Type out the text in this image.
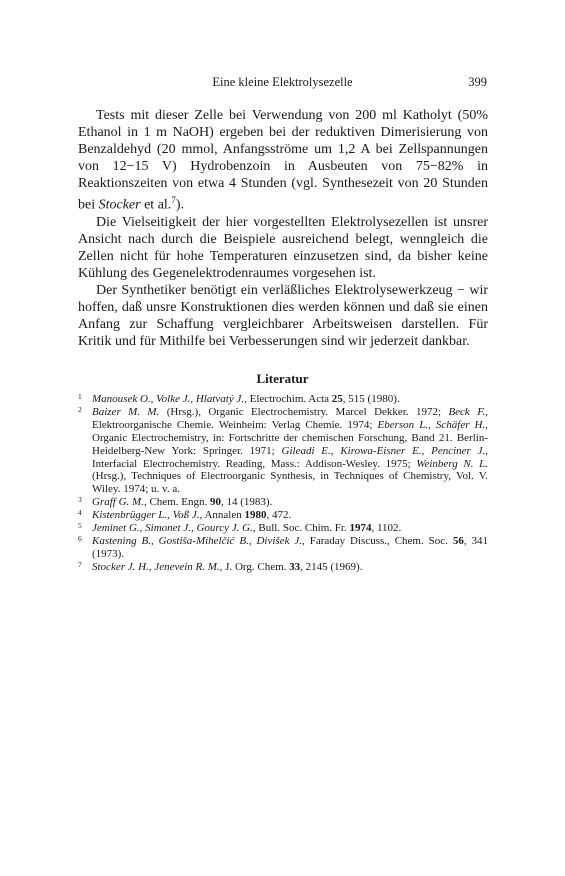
Eine kleine Elektrolysezelle	399

Tests mit dieser Zelle bei Verwendung von 200 ml Katholyt (50% Ethanol in 1 m NaOH) ergeben bei der reduktiven Dimerisierung von Benzaldehyd (20 mmol, Anfangsströme um 1,2 A bei Zellspannungen von 12−15 V) Hydrobenzoin in Ausbeuten von 75−82% in Reaktionszeiten von etwa 4 Stunden (vgl. Synthesezeit von 20 Stunden bei Stocker et al.$^7$).

Die Vielseitigkeit der hier vorgestellten Elektrolysezellen ist unsrer Ansicht nach durch die Beispiele ausreichend belegt, wenngleich die Zellen nicht für hohe Temperaturen einzusetzen sind, da bisher keine Kühlung des Gegenelektrodenraumes vorgesehen ist.

Der Synthetiker benötigt ein verläßliches Elektrolysewerkzeug − wir hoffen, daß unsre Konstruktionen dies werden können und daß sie einen Anfang zur Schaffung vergleichbarer Arbeitsweisen darstellen. Für Kritik und für Mithilfe bei Verbesserungen sind wir jederzeit dankbar.

Literatur
1 Manousek O., Volke J., Hlatvatý J., Electrochim. Acta 25, 515 (1980).
2 Baizer M. M. (Hrsg.), Organic Electrochemistry. Marcel Dekker. 1972; Beck F., Elektroorganische Chemie. Weinheim: Verlag Chemie. 1974; Eberson L., Schäfer H., Organic Electrochemistry, in: Fortschritte der chemischen Forschung, Band 21. Berlin-Heidelberg-New York: Springer. 1971; Gileadi E., Kirowa-Eisner E., Penciner J., Interfacial Electrochemistry. Reading, Mass.: Addison-Wesley. 1975; Weinberg N. L. (Hrsg.), Techniques of Electroorganic Synthesis, in Techniques of Chemistry, Vol. V. Wiley. 1974; u. v. a.
3 Graff G. M., Chem. Engn. 90, 14 (1983).
4 Kistenbrügger L., Voß J., Annalen 1980, 472.
5 Jeminet G., Simonet J., Gourcy J. G., Bull. Soc. Chim. Fr. 1974, 1102.
6 Kastening B., Gostiša-Mihelčić B., Divišek J., Faraday Discuss., Chem. Soc. 56, 341 (1973).
7 Stocker J. H., Jenevein R. M., J. Org. Chem. 33, 2145 (1969).
